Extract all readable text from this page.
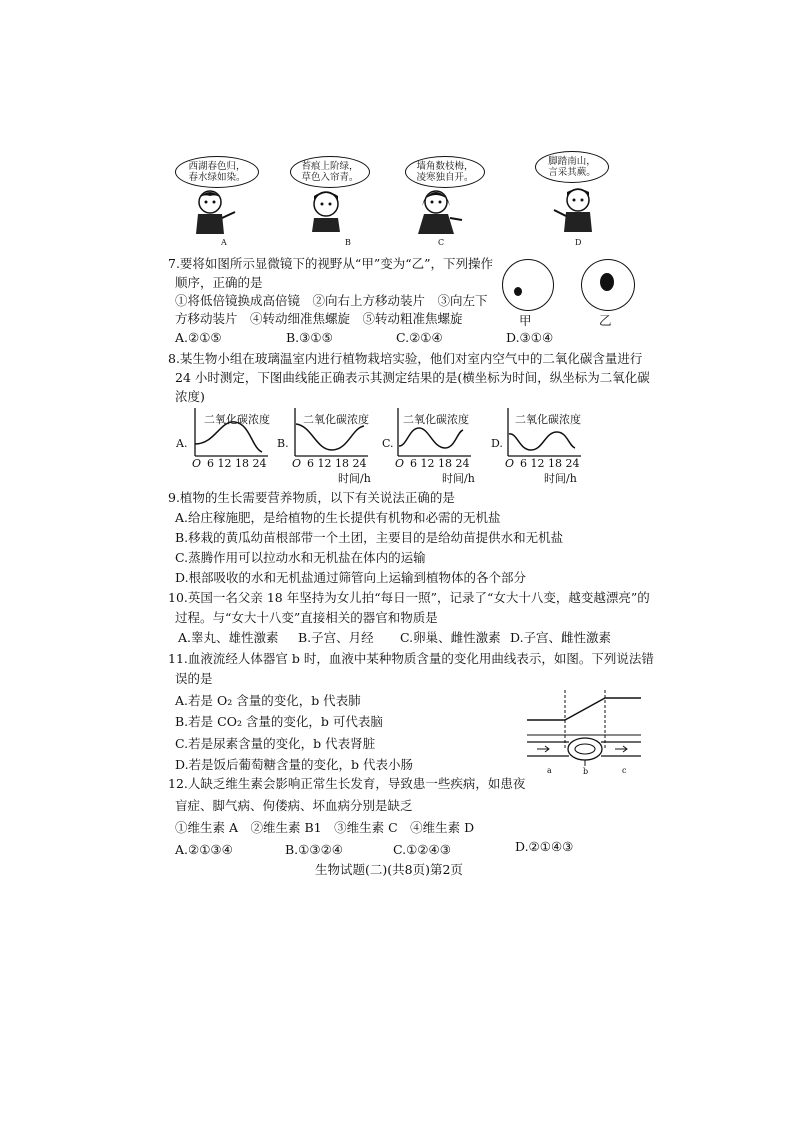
西湖春色归，
春水绿如染。
A
苔痕上阶绿，
草色入帘青。
B
墙角数枝梅，
凌寒独自开。
C
脚踏南山，
言采其蕨。
D
7.要将如图所示显微镜下的视野从“甲”变为“乙”，下列操作
顺序，正确的是
①将低倍镜换成高倍镜　②向右上方移动装片　③向左下
方移动装片　④转动细准焦螺旋　⑤转动粗准焦螺旋
A.②①⑤	B.③①⑤	C.②①④	D.③①④
甲	乙
8.某生物小组在玻璃温室内进行植物栽培实验，他们对室内空气中的二氧化碳含量进行
24 小时测定，下图曲线能正确表示其测定结果的是(横坐标为时间，纵坐标为二氧化碳
浓度)
A.
二氧化碳浓度
O 6 12 18 24
B.
二氧化碳浓度
O 6 12 18 24
时间/h
C.
二氧化碳浓度
O 6 12 18 24
时间/h
D.
二氧化碳浓度
O 6 12 18 24
时间/h
9.植物的生长需要营养物质，以下有关说法正确的是
A.给庄稼施肥，是给植物的生长提供有机物和必需的无机盐
B.移栽的黄瓜幼苗根部带一个土团，主要目的是给幼苗提供水和无机盐
C.蒸腾作用可以拉动水和无机盐在体内的运输
D.根部吸收的水和无机盐通过筛管向上运输到植物体的各个部分
10.英国一名父亲 18 年坚持为女儿拍“每日一照”，记录了“女大十八变，越变越漂亮”的
过程。与“女大十八变”直接相关的器官和物质是
A.睾丸、雄性激素 B.子宫、月经 C.卵巢、雌性激素 D.子宫、雌性激素
11.血液流经人体器官 b 时，血液中某种物质含量的变化用曲线表示，如图。下列说法错
误的是
A.若是 O₂ 含量的变化，b 代表肺
B.若是 CO₂ 含量的变化，b 可代表脑
C.若是尿素含量的变化，b 代表肾脏
D.若是饭后葡萄糖含量的变化，b 代表小肠	a	b	c
12.人缺乏维生素会影响正常生长发育，导致患一些疾病，如患夜
盲症、脚气病、佝偻病、坏血病分别是缺乏
①维生素 A　②维生素 B1　③维生素 C　④维生素 D
A.②①③④	B.①③②④	C.①②④③	D.②①④③
生物试题(二)(共8页)第2页
